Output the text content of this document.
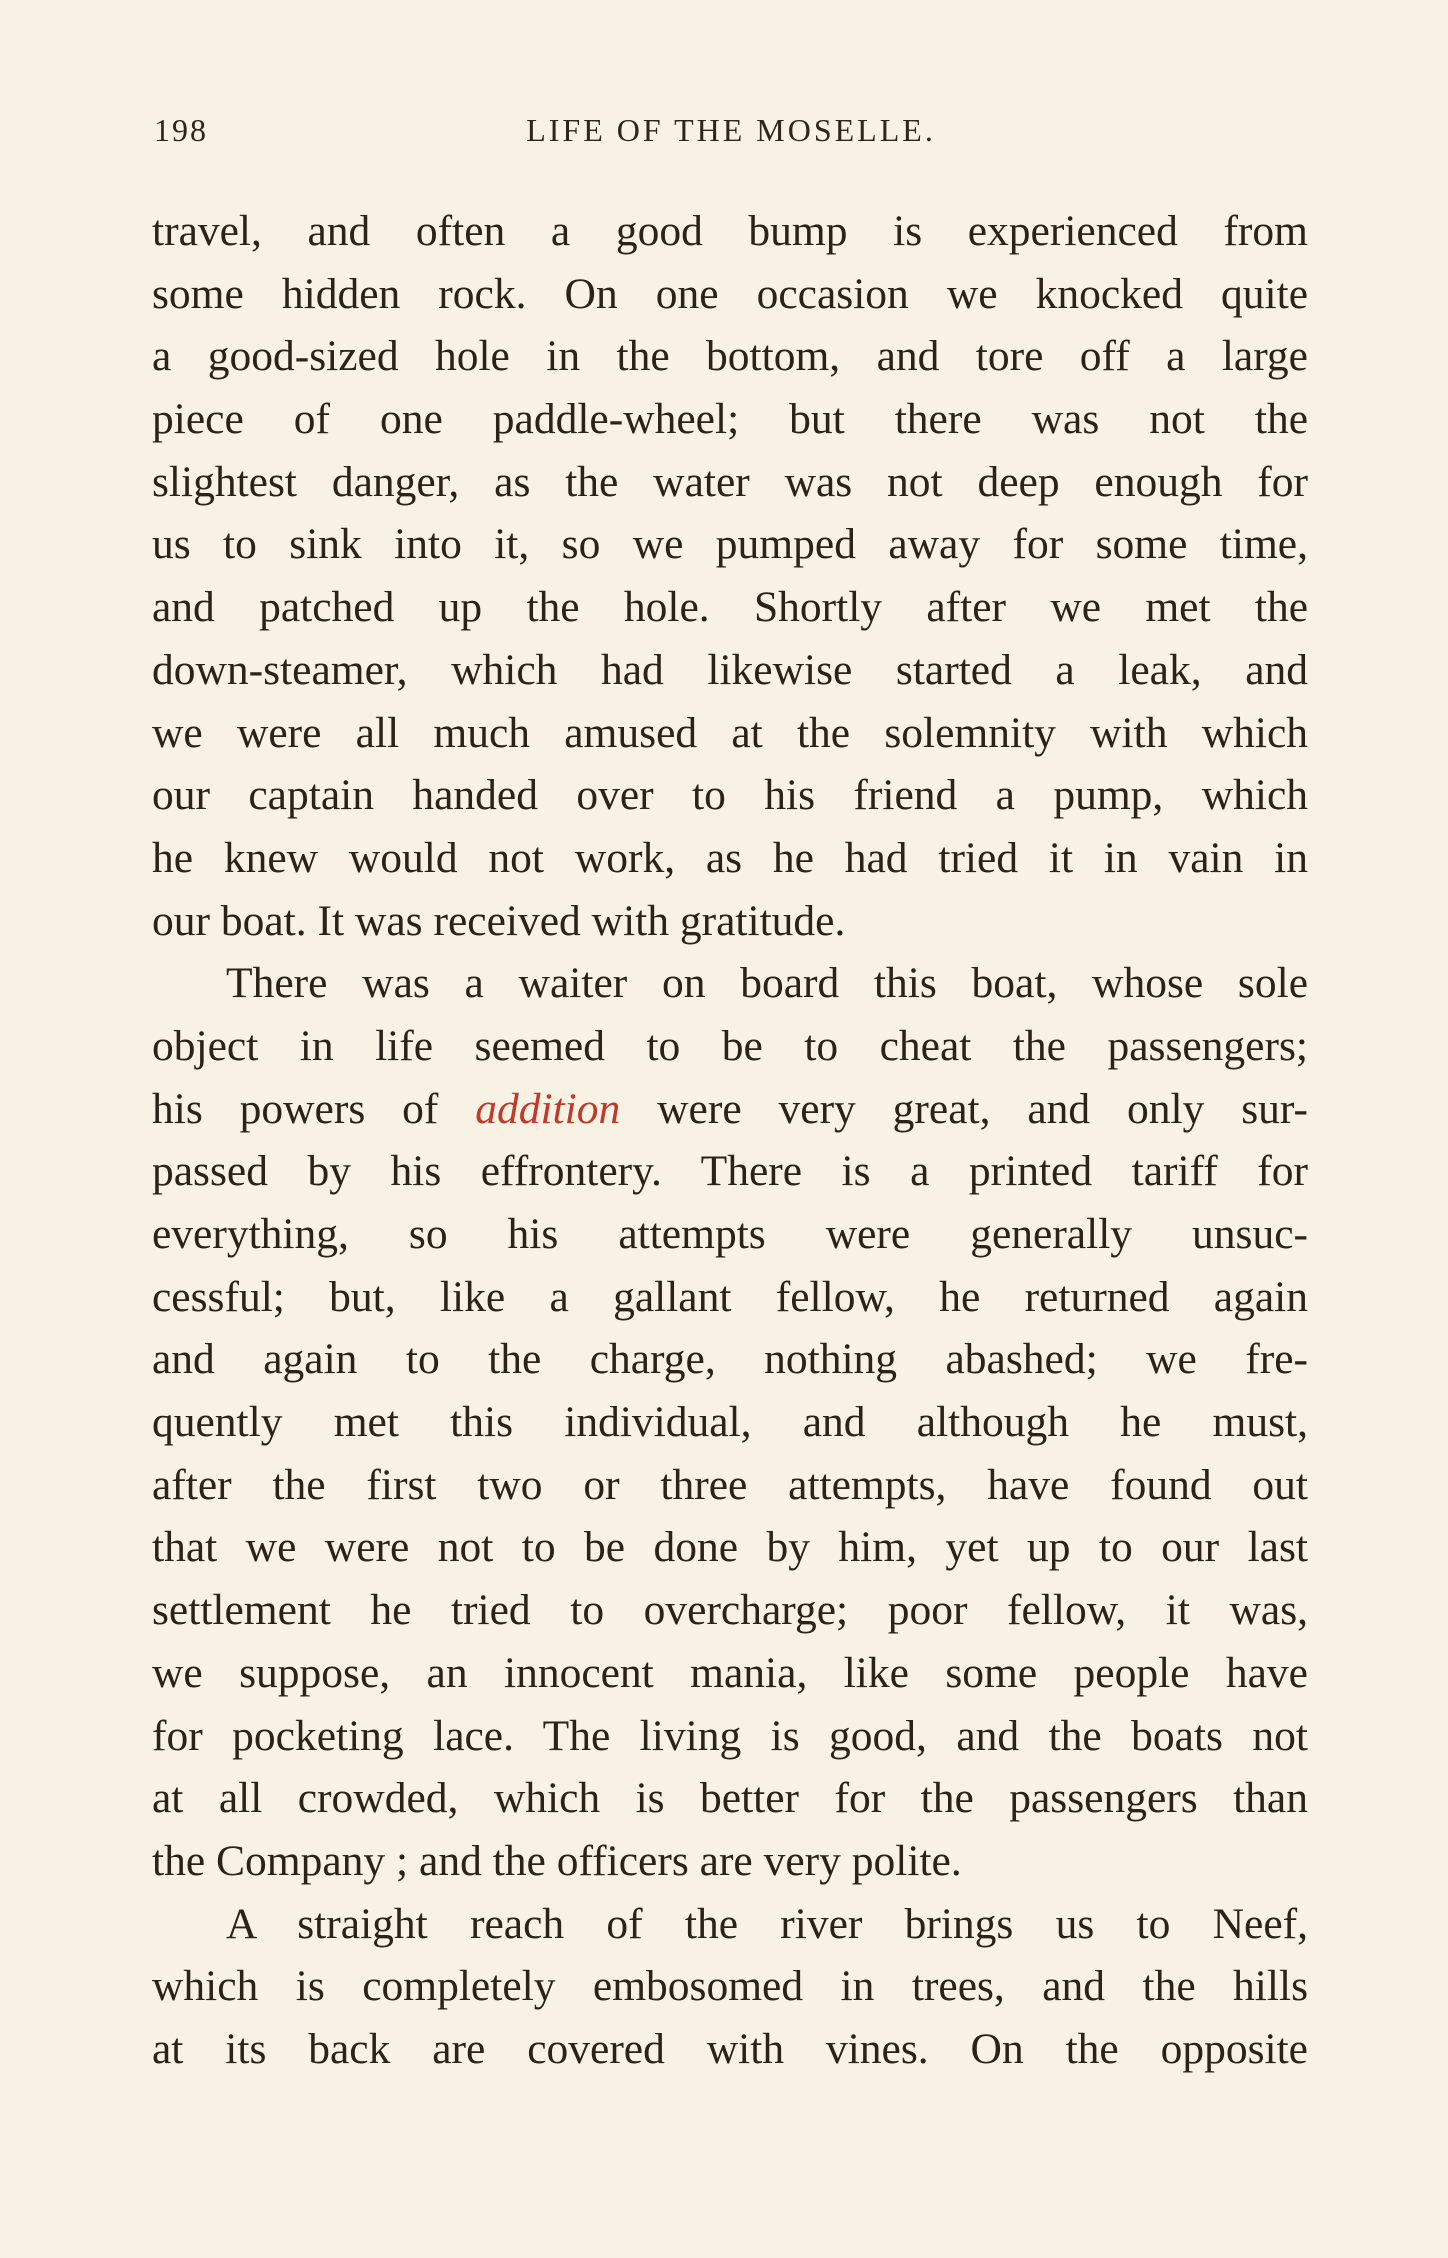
198	LIFE OF THE MOSELLE.
travel, and often a good bump is experienced from
some hidden rock. On one occasion we knocked quite
a good-sized hole in the bottom, and tore off a large
piece of one paddle-wheel; but there was not the
slightest danger, as the water was not deep enough for
us to sink into it, so we pumped away for some time,
and patched up the hole. Shortly after we met the
down-steamer, which had likewise started a leak, and
we were all much amused at the solemnity with which
our captain handed over to his friend a pump, which
he knew would not work, as he had tried it in vain in
our boat. It was received with gratitude.
There was a waiter on board this boat, whose sole
object in life seemed to be to cheat the passengers;
his powers of addition were very great, and only sur-
passed by his effrontery. There is a printed tariff for
everything, so his attempts were generally unsuc-
cessful; but, like a gallant fellow, he returned again
and again to the charge, nothing abashed; we fre-
quently met this individual, and although he must,
after the first two or three attempts, have found out
that we were not to be done by him, yet up to our last
settlement he tried to overcharge; poor fellow, it was,
we suppose, an innocent mania, like some people have
for pocketing lace. The living is good, and the boats not
at all crowded, which is better for the passengers than
the Company ; and the officers are very polite.
A straight reach of the river brings us to Neef,
which is completely embosomed in trees, and the hills
at its back are covered with vines. On the opposite
